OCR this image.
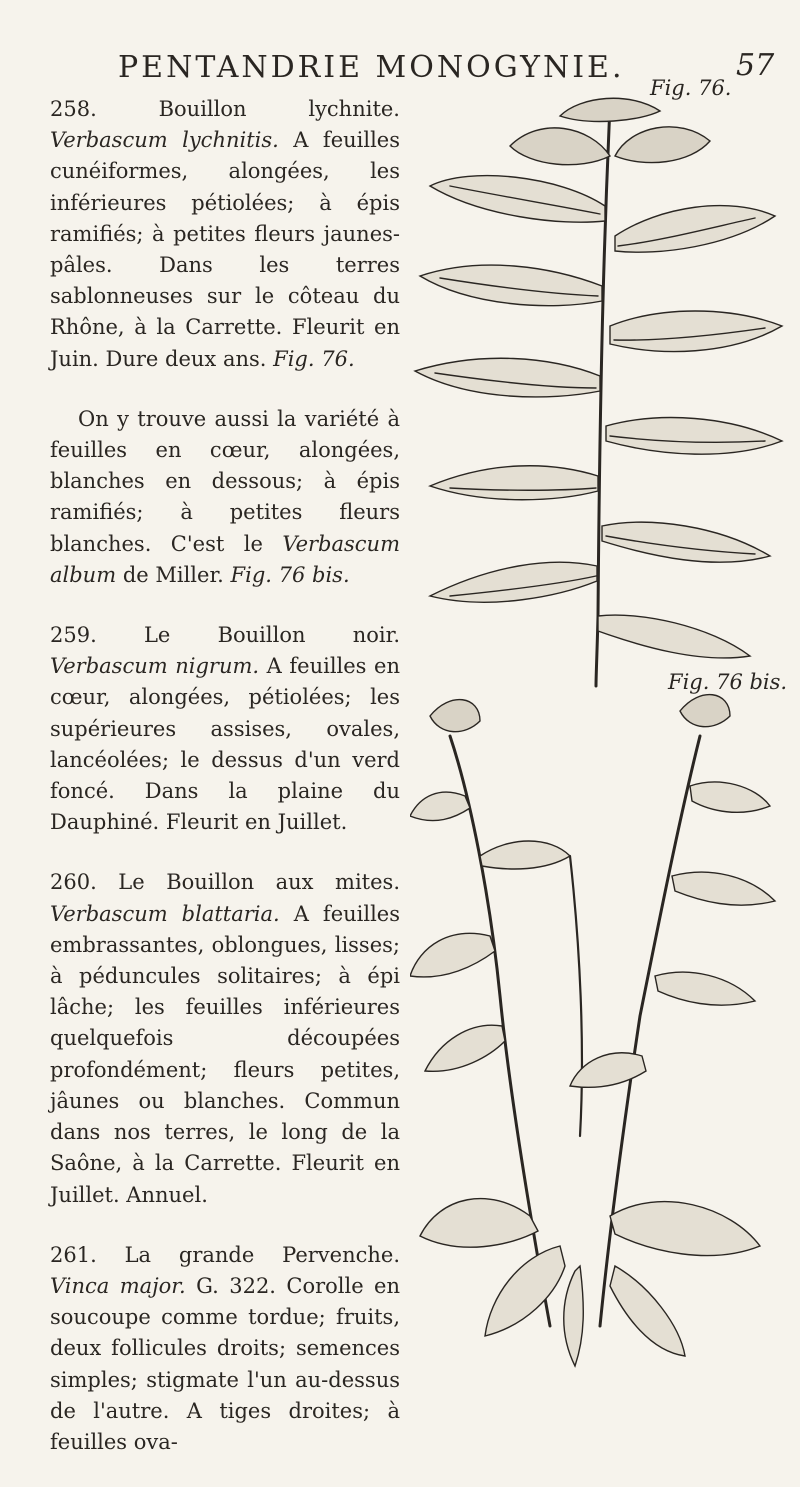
PENTANDRIE MONOGYNIE.	57

258.	Bouillon lychnite. Verbascum lychnitis. A feuilles cunéiformes, alongées, les inférieures pétiolées; à épis ramifiés; à petites fleurs jaunes-pâles. Dans les terres sablonneuses sur le côteau du Rhône, à la Carrette. Fleurit en Juin. Dure deux ans. Fig. 76.

On y trouve aussi la variété à feuilles en cœur, alongées, blanches en dessous; à épis ramifiés; à petites fleurs blanches. C'est le Verbascum album de Miller. Fig. 76 bis.

259. Le Bouillon noir. Verbascum nigrum. A feuilles en cœur, alongées, pétiolées; les supérieures assises, ovales, lancéolées; le dessus d'un verd foncé. Dans la plaine du Dauphiné. Fleurit en Juillet.

260. Le Bouillon aux mites. Verbascum blattaria. A feuilles embrassantes, oblongues, lisses; à péduncules solitaires; à épi lâche; les feuilles inférieures quelquefois découpées profondément; fleurs petites, jâunes ou blanches. Commun dans nos terres, le long de la Saône, à la Carrette. Fleurit en Juillet. Annuel.

261. La grande Pervenche. Vinca major. G. 322. Corolle en soucoupe comme tordue; fruits, deux follicules droits; semences simples; stigmate l'un au-dessus de l'autre. A tiges droites; à feuilles ova-

Fig. 76.
Fig. 76 bis.
